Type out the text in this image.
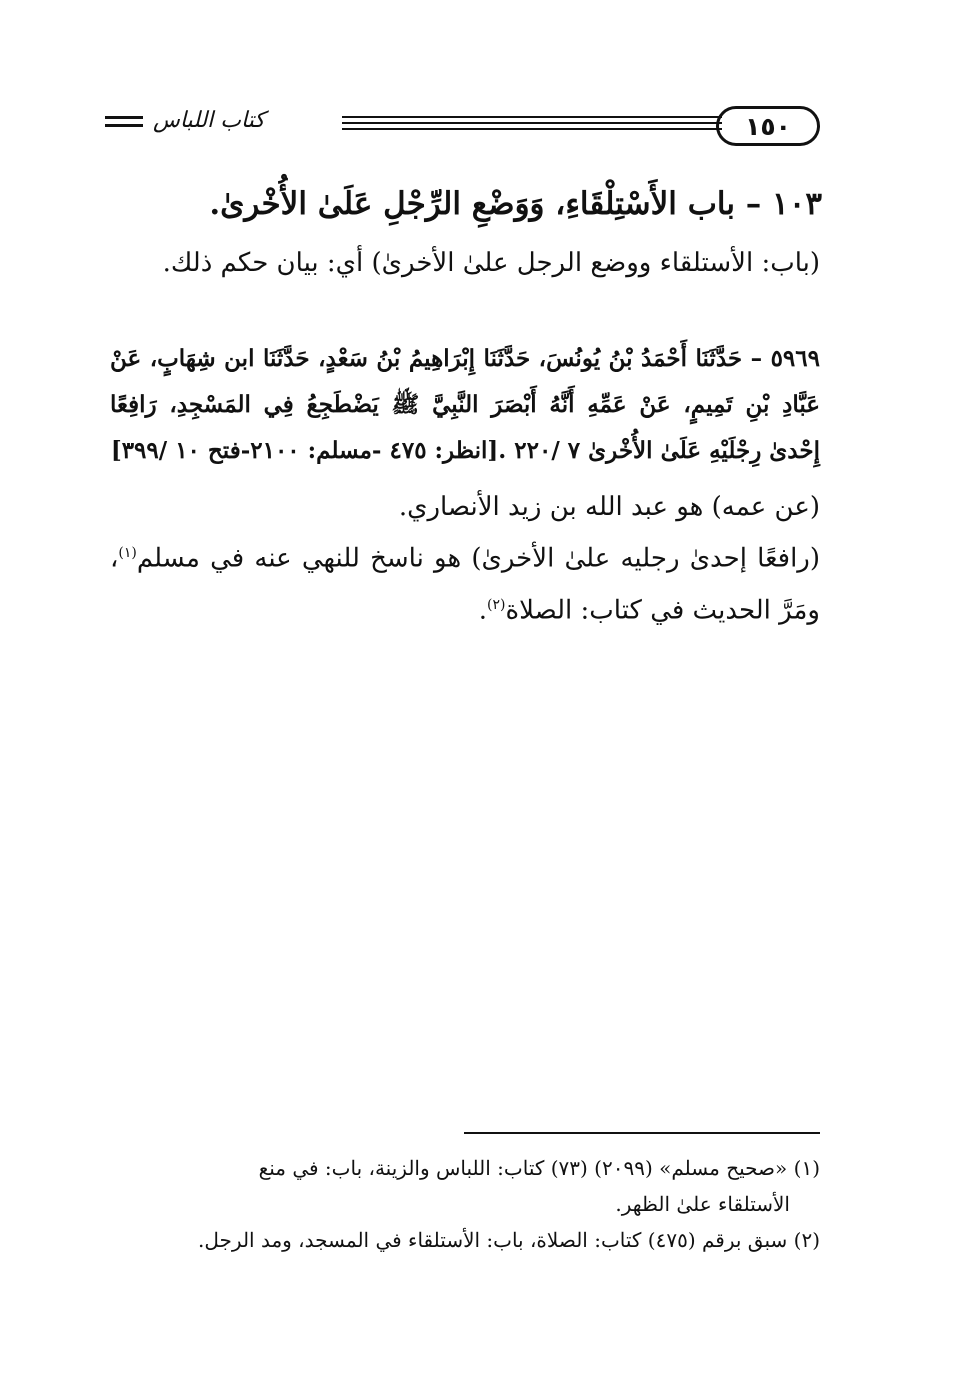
١٥٠
كتاب اللباس
١٠٣ – باب الأَسْتِلْقَاءِ، وَوَضْعِ الرِّجْلِ عَلَىٰ الأُخْرىٰ.
(باب: الأستلقاء ووضع الرجل علىٰ الأخرىٰ) أي: بيان حكم ذلك.
٥٩٦٩ – حَدَّثَنَا أَحْمَدُ بْنُ يُونُسَ، حَدَّثَنَا إِبْرَاهِيمُ بْنُ سَعْدٍ، حَدَّثَنَا ابن شِهَابٍ، عَنْ عَبَّادِ بْنِ تَمِيمٍ، عَنْ عَمِّهِ أَنَّهُ أَبْصَرَ النَّبِيَّ ﷺ يَضْطَجِعُ فِي المَسْجِدِ، رَافِعًا إِحْدىٰ رِجْلَيْهِ عَلَىٰ الأُخْرىٰ ٧ /٢٢٠ .[انظر: ٤٧٥ -مسلم: ٢١٠٠-فتح ١٠ /٣٩٩]
(عن عمه) هو عبد الله بن زيد الأنصاري.
(رافعًا إحدىٰ رجليه علىٰ الأخرىٰ) هو ناسخ للنهي عنه في مسلم$^{(١)}$، ومَرَّ الحديث في كتاب: الصلاة$^{(٢)}$.
(١) «صحيح مسلم» (٢٠٩٩) (٧٣) كتاب: اللباس والزينة، باب: في منع
الأستلقاء علىٰ الظهر.
(٢) سبق برقم (٤٧٥) كتاب: الصلاة، باب: الأستلقاء في المسجد، ومد الرجل.
